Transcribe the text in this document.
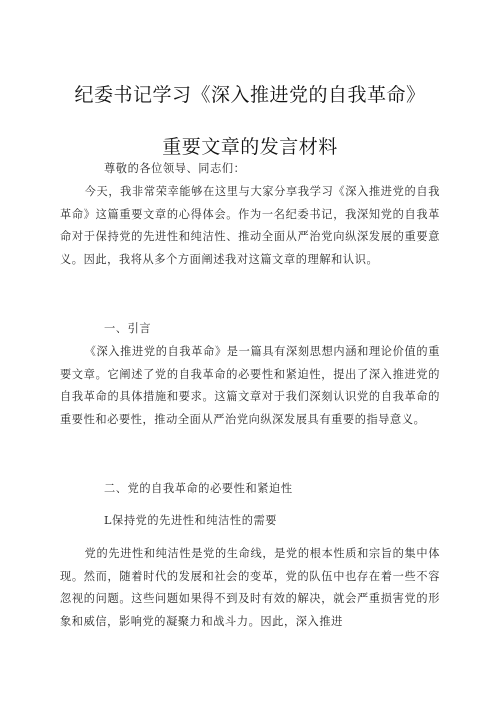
纪委书记学习《深入推进党的自我革命》
重要文章的发言材料
尊敬的各位领导、同志们：
今天，我非常荣幸能够在这里与大家分享我学习《深入推进党的自我革命》这篇重要文章的心得体会。作为一名纪委书记，我深知党的自我革命对于保持党的先进性和纯洁性、推动全面从严治党向纵深发展的重要意义。因此，我将从多个方面阐述我对这篇文章的理解和认识。
一、引言
《深入推进党的自我革命》是一篇具有深刻思想内涵和理论价值的重要文章。它阐述了党的自我革命的必要性和紧迫性，提出了深入推进党的自我革命的具体措施和要求。这篇文章对于我们深刻认识党的自我革命的重要性和必要性，推动全面从严治党向纵深发展具有重要的指导意义。
二、党的自我革命的必要性和紧迫性
L保持党的先进性和纯洁性的需要
党的先进性和纯洁性是党的生命线，是党的根本性质和宗旨的集中体现。然而，随着时代的发展和社会的变革，党的队伍中也存在着一些不容忽视的问题。这些问题如果得不到及时有效的解决，就会严重损害党的形象和威信，影响党的凝聚力和战斗力。因此，深入推进
